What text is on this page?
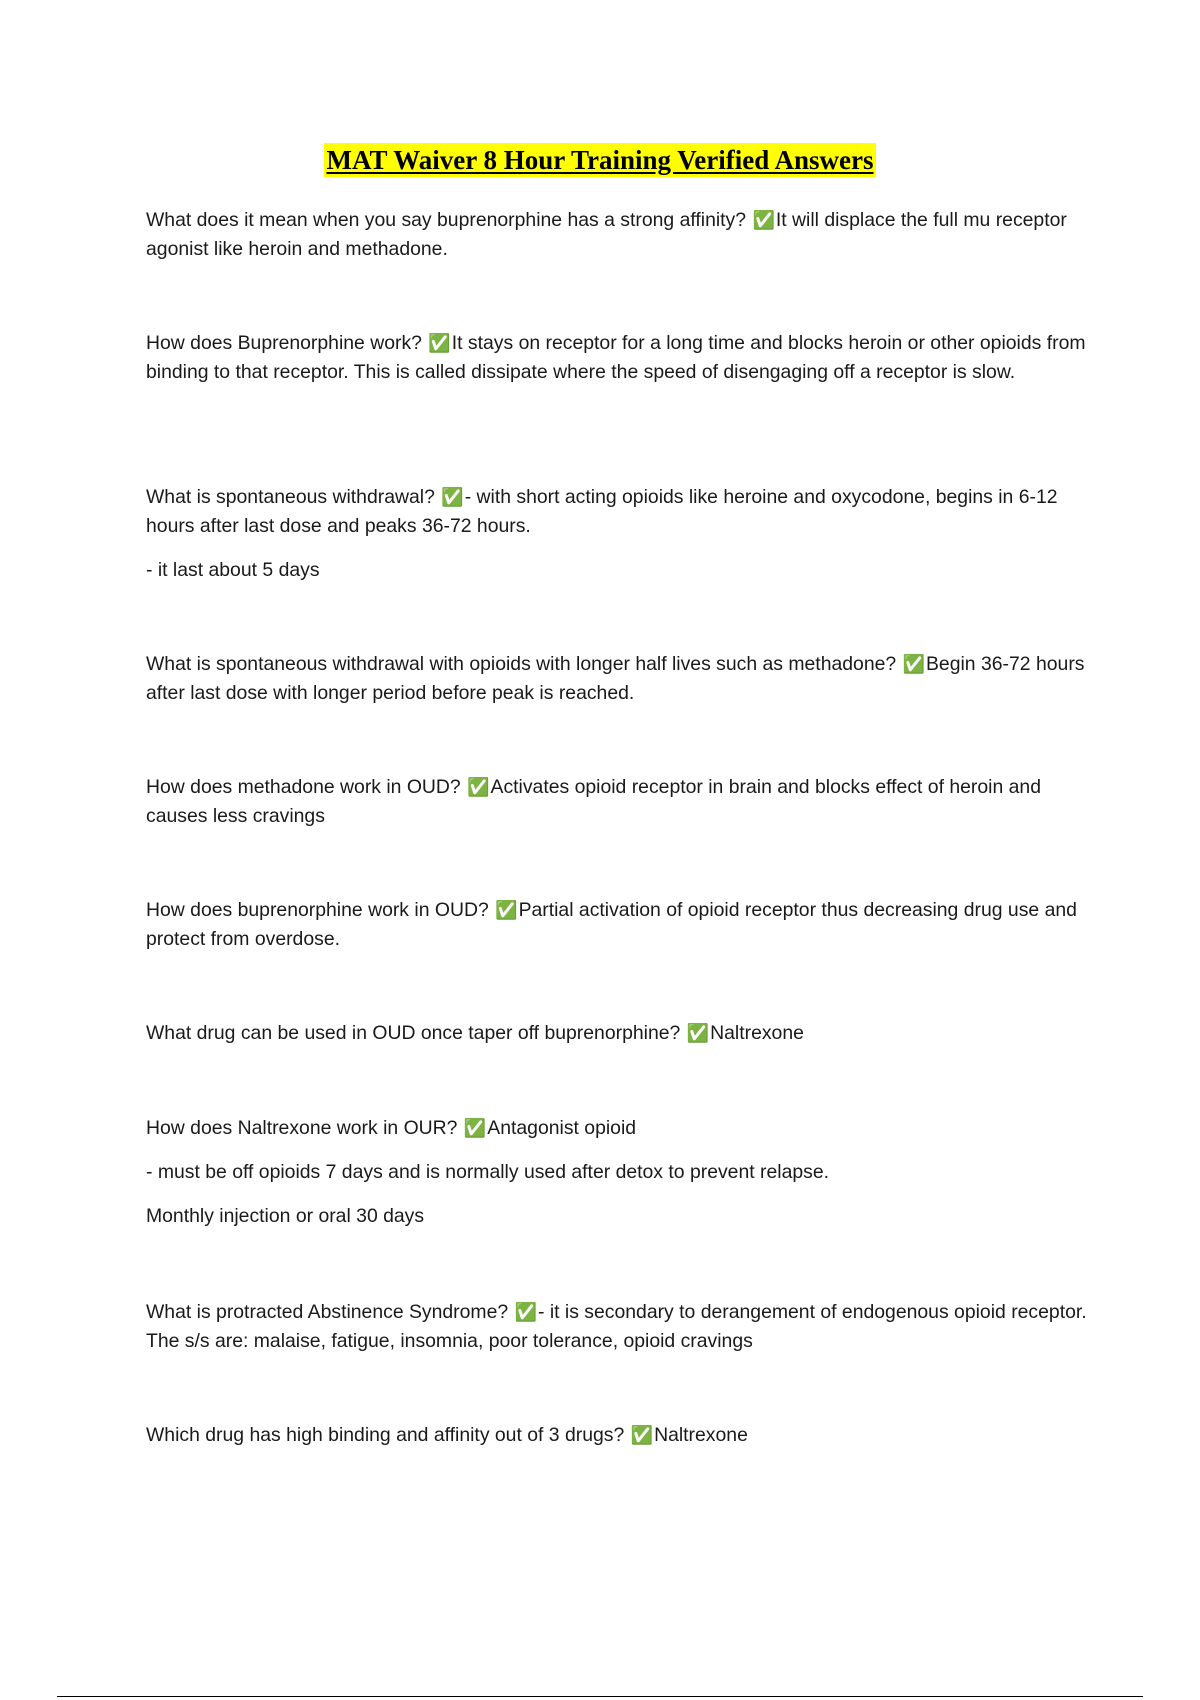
MAT Waiver 8 Hour Training Verified Answers

What does it mean when you say buprenorphine has a strong affinity? ✅It will displace the full mu receptor agonist like heroin and methadone.

How does Buprenorphine work? ✅It stays on receptor for a long time and blocks heroin or other opioids from binding to that receptor. This is called dissipate where the speed of disengaging off a receptor is slow.

What is spontaneous withdrawal? ✅- with short acting opioids like heroine and oxycodone, begins in 6-12 hours after last dose and peaks 36-72 hours.

- it last about 5 days

What is spontaneous withdrawal with opioids with longer half lives such as methadone? ✅Begin 36-72 hours after last dose with longer period before peak is reached.

How does methadone work in OUD? ✅Activates opioid receptor in brain and blocks effect of heroin and causes less cravings

How does buprenorphine work in OUD? ✅Partial activation of opioid receptor thus decreasing drug use and protect from overdose.

What drug can be used in OUD once taper off buprenorphine? ✅Naltrexone

How does Naltrexone work in OUR? ✅Antagonist opioid

- must be off opioids 7 days and is normally used after detox to prevent relapse.

Monthly injection or oral 30 days

What is protracted Abstinence Syndrome? ✅- it is secondary to derangement of endogenous opioid receptor. The s/s are: malaise, fatigue, insomnia, poor tolerance, opioid cravings

Which drug has high binding and affinity out of 3 drugs? ✅Naltrexone
